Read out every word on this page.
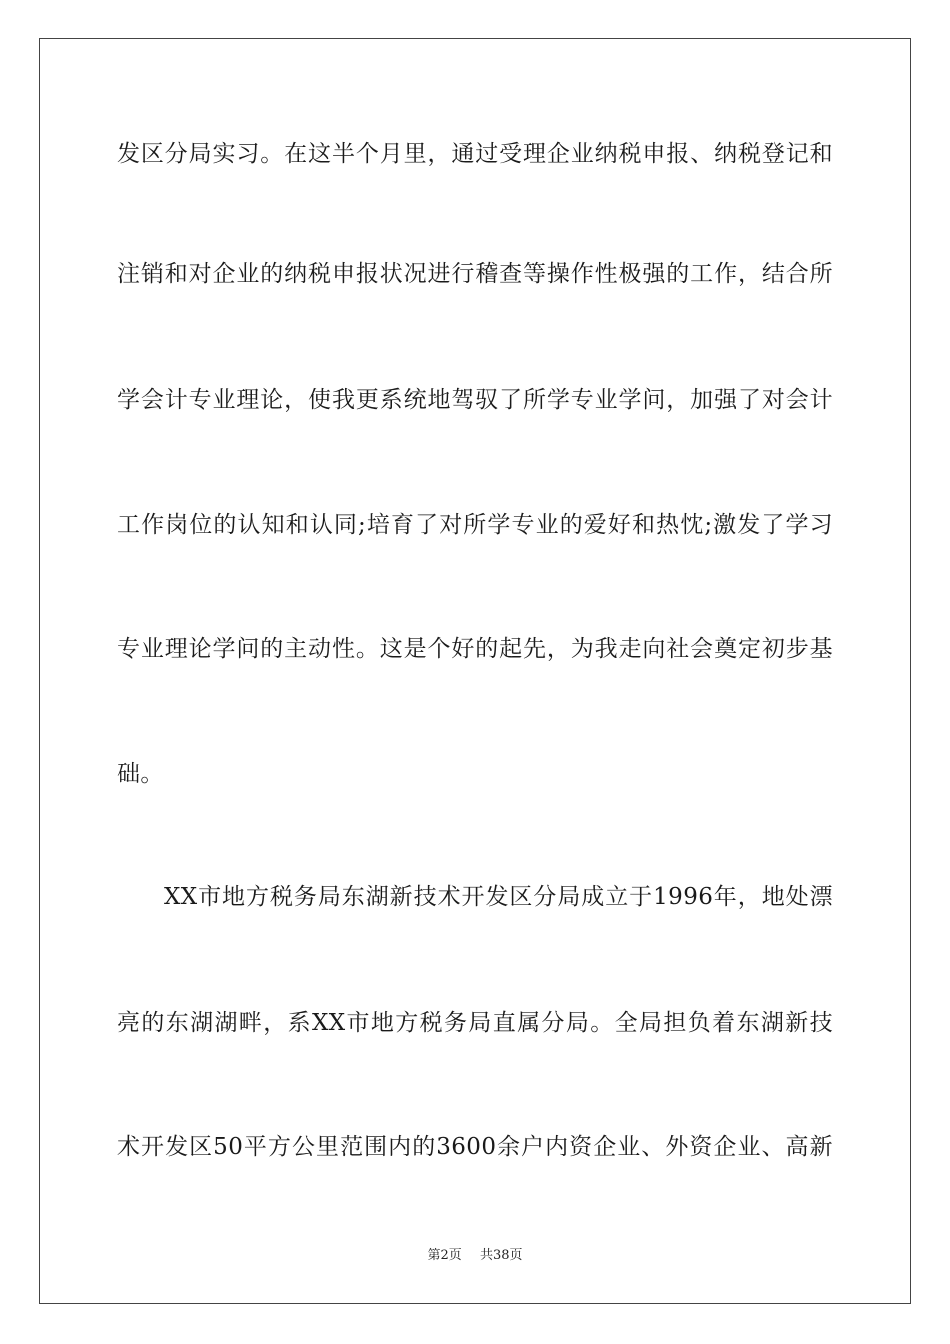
发区分局实习。在这半个月里，通过受理企业纳税申报、纳税登记和
注销和对企业的纳税申报状况进行稽查等操作性极强的工作，结合所
学会计专业理论，使我更系统地驾驭了所学专业学问，加强了对会计
工作岗位的认知和认同;培育了对所学专业的爱好和热忱;激发了学习
专业理论学问的主动性。这是个好的起先，为我走向社会奠定初步基
础。
XX市地方税务局东湖新技术开发区分局成立于1996年，地处漂
亮的东湖湖畔，系XX市地方税务局直属分局。全局担负着东湖新技
术开发区50平方公里范围内的3600余户内资企业、外资企业、高新
第2页 共38页
